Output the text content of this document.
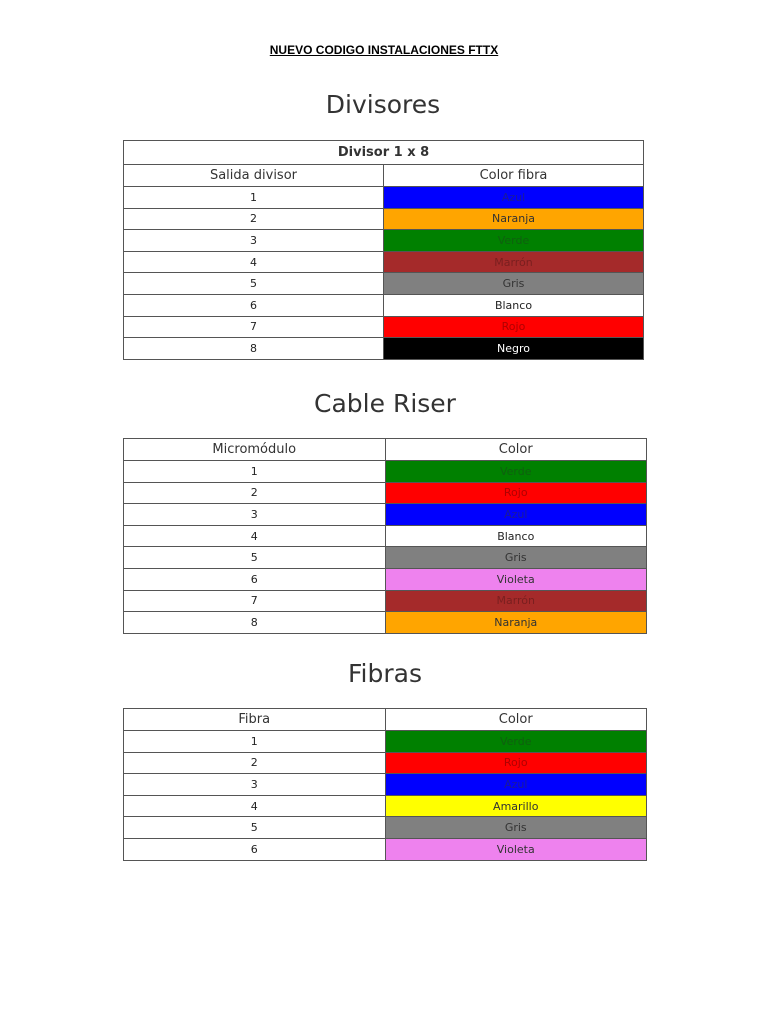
NUEVO CODIGO INSTALACIONES FTTX
Divisores
Divisor 1 x 8	
Salida divisor	Color fibra
1	Azul
2	Naranja
3	Verde
4	Marrón
5	Gris
6	Blanco
7	Rojo
8	Negro
Cable Riser
Micromódulo	Color
1	Verde
2	Rojo
3	Azul
4	Blanco
5	Gris
6	Violeta
7	Marrón
8	Naranja
Fibras
Fibra	Color
1	Verde
2	Rojo
3	Azul
4	Amarillo
5	Gris
6	Violeta
